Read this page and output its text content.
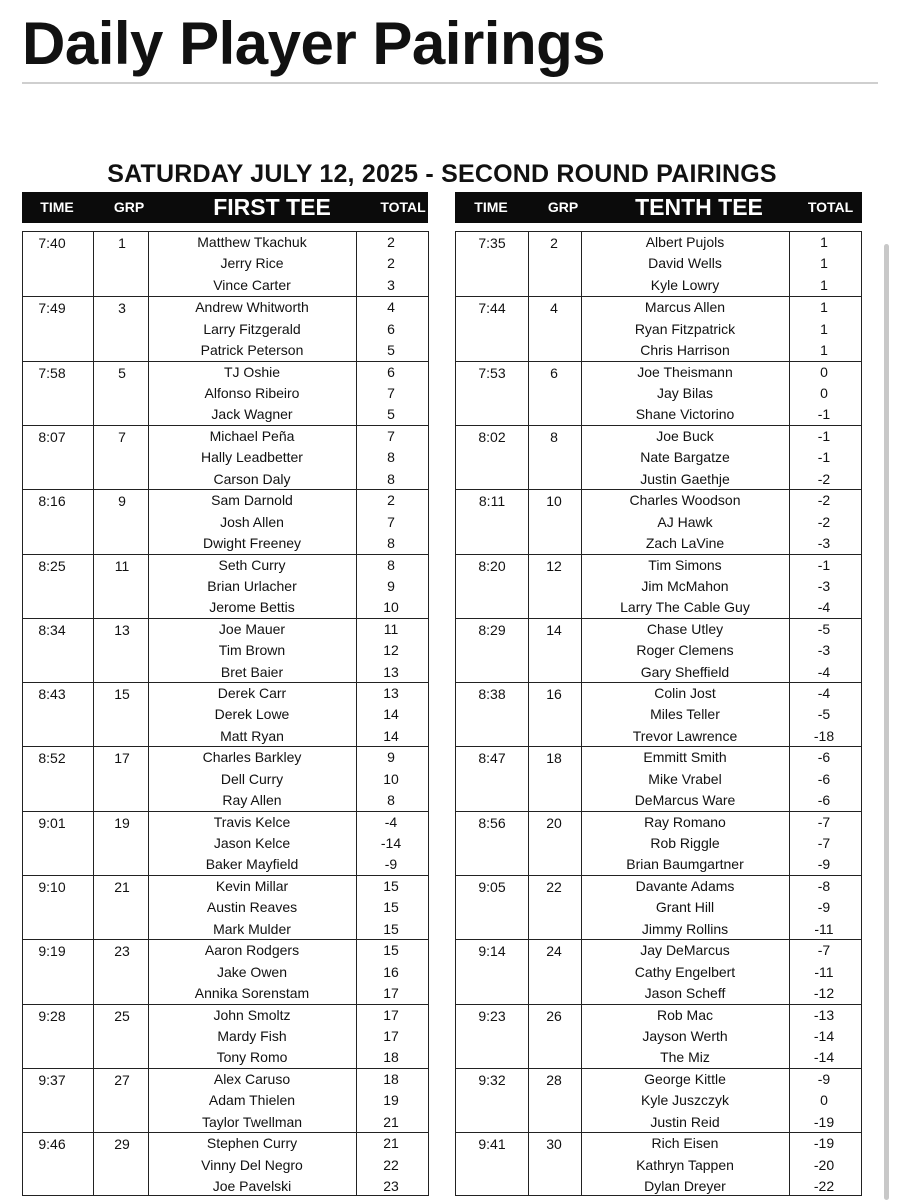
Daily Player Pairings
SATURDAY JULY 12, 2025 - SECOND ROUND PAIRINGS
TIME	GRP	FIRST TEE	TOTAL	TIME	GRP	TENTH TEE	TOTAL
7:40	1	Matthew Tkachuk	2
Jerry Rice	2
Vince Carter	3
7:49	3	Andrew Whitworth	4
Larry Fitzgerald	6
Patrick Peterson	5
7:58	5	TJ Oshie	6
Alfonso Ribeiro	7
Jack Wagner	5
8:07	7	Michael Peña	7
Hally Leadbetter	8
Carson Daly	8
8:16	9	Sam Darnold	2
Josh Allen	7
Dwight Freeney	8
8:25	11	Seth Curry	8
Brian Urlacher	9
Jerome Bettis	10
8:34	13	Joe Mauer	11
Tim Brown	12
Bret Baier	13
8:43	15	Derek Carr	13
Derek Lowe	14
Matt Ryan	14
8:52	17	Charles Barkley	9
Dell Curry	10
Ray Allen	8
9:01	19	Travis Kelce	-4
Jason Kelce	-14
Baker Mayfield	-9
9:10	21	Kevin Millar	15
Austin Reaves	15
Mark Mulder	15
9:19	23	Aaron Rodgers	15
Jake Owen	16
Annika Sorenstam	17
9:28	25	John Smoltz	17
Mardy Fish	17
Tony Romo	18
9:37	27	Alex Caruso	18
Adam Thielen	19
Taylor Twellman	21
9:46	29	Stephen Curry	21
Vinny Del Negro	22
Joe Pavelski	23
7:35	2	Albert Pujols	1
David Wells	1
Kyle Lowry	1
7:44	4	Marcus Allen	1
Ryan Fitzpatrick	1
Chris Harrison	1
7:53	6	Joe Theismann	0
Jay Bilas	0
Shane Victorino	-1
8:02	8	Joe Buck	-1
Nate Bargatze	-1
Justin Gaethje	-2
8:11	10	Charles Woodson	-2
AJ Hawk	-2
Zach LaVine	-3
8:20	12	Tim Simons	-1
Jim McMahon	-3
Larry The Cable Guy	-4
8:29	14	Chase Utley	-5
Roger Clemens	-3
Gary Sheffield	-4
8:38	16	Colin Jost	-4
Miles Teller	-5
Trevor Lawrence	-18
8:47	18	Emmitt Smith	-6
Mike Vrabel	-6
DeMarcus Ware	-6
8:56	20	Ray Romano	-7
Rob Riggle	-7
Brian Baumgartner	-9
9:05	22	Davante Adams	-8
Grant Hill	-9
Jimmy Rollins	-11
9:14	24	Jay DeMarcus	-7
Cathy Engelbert	-11
Jason Scheff	-12
9:23	26	Rob Mac	-13
Jayson Werth	-14
The Miz	-14
9:32	28	George Kittle	-9
Kyle Juszczyk	0
Justin Reid	-19
9:41	30	Rich Eisen	-19
Kathryn Tappen	-20
Dylan Dreyer	-22
